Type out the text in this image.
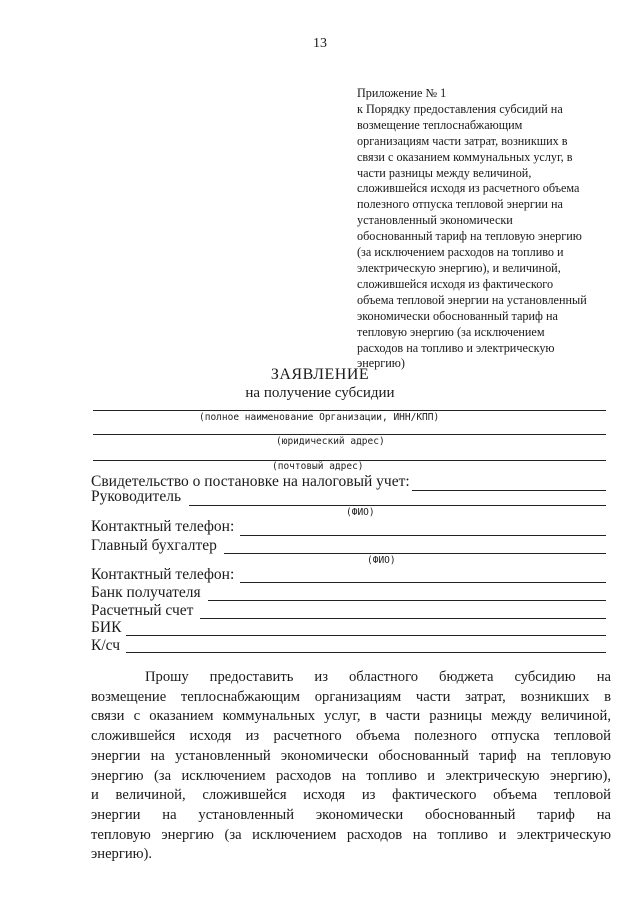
13
Приложение № 1
к Порядку предоставления субсидий на
возмещение теплоснабжающим
организациям части затрат, возникших в
связи с оказанием коммунальных услуг, в
части разницы между величиной,
сложившейся исходя из расчетного объема
полезного отпуска тепловой энергии на
установленный экономически
обоснованный тариф на тепловую энергию
(за исключением расходов на топливо и
электрическую энергию), и величиной,
сложившейся исходя из фактического
объема тепловой энергии на установленный
экономически обоснованный тариф на
тепловую энергию (за исключением
расходов на топливо и электрическую
энергию)
ЗАЯВЛЕНИЕ
на получение субсидии
(полное наименование Организации, ИНН/КПП)
(юридический адрес)
(почтовый адрес)
Свидетельство о постановке на налоговый учет:
Руководитель
(ФИО)
Контактный телефон:
Главный бухгалтер
(ФИО)
Контактный телефон:
Банк получателя
Расчетный счет
БИК
К/сч
Прошу предоставить из областного бюджета субсидию на
возмещение теплоснабжающим организациям части затрат, возникших в
связи с оказанием коммунальных услуг, в части разницы между величиной,
сложившейся исходя из расчетного объема полезного отпуска тепловой
энергии на установленный экономически обоснованный тариф на тепловую
энергию (за исключением расходов на топливо и электрическую энергию),
и величиной, сложившейся исходя из фактического объема тепловой
энергии на установленный экономически обоснованный тариф на
тепловую энергию (за исключением расходов на топливо и электрическую
энергию).
